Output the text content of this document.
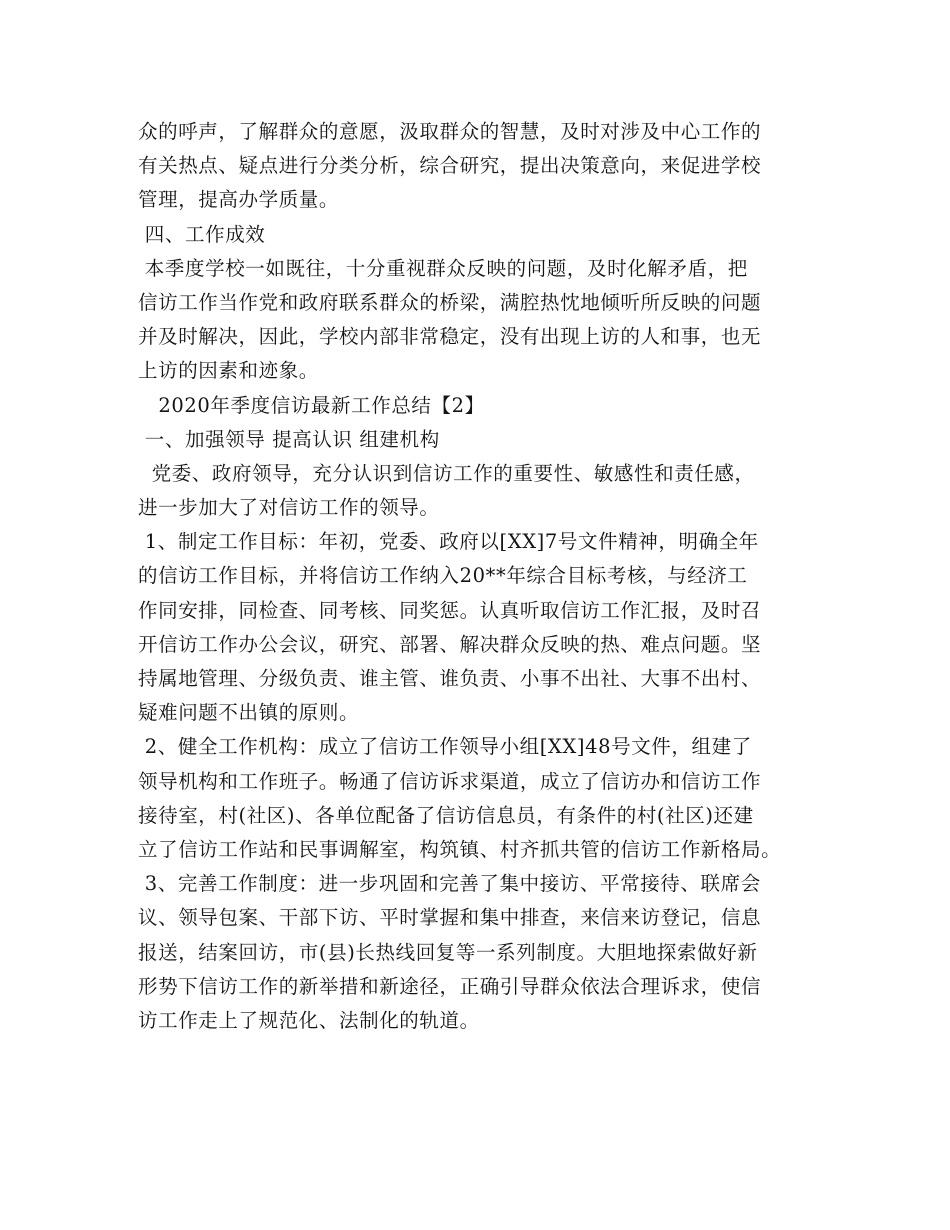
众的呼声，了解群众的意愿，汲取群众的智慧，及时对涉及中心工作的
有关热点、疑点进行分类分析，综合研究，提出决策意向，来促进学校
管理，提高办学质量。
四、工作成效
本季度学校一如既往，十分重视群众反映的问题，及时化解矛盾，把
信访工作当作党和政府联系群众的桥梁，满腔热忱地倾听所反映的问题
并及时解决，因此，学校内部非常稳定，没有出现上访的人和事，也无
上访的因素和迹象。
2020年季度信访最新工作总结【2】
一、加强领导 提高认识 组建机构
党委、政府领导，充分认识到信访工作的重要性、敏感性和责任感，
进一步加大了对信访工作的领导。
1、制定工作目标：年初，党委、政府以[XX]7号文件精神，明确全年
的信访工作目标，并将信访工作纳入20**年综合目标考核，与经济工
作同安排，同检查、同考核、同奖惩。认真听取信访工作汇报，及时召
开信访工作办公会议，研究、部署、解决群众反映的热、难点问题。坚
持属地管理、分级负责、谁主管、谁负责、小事不出社、大事不出村、
疑难问题不出镇的原则。
2、健全工作机构：成立了信访工作领导小组[XX]48号文件，组建了
领导机构和工作班子。畅通了信访诉求渠道，成立了信访办和信访工作
接待室，村(社区)、各单位配备了信访信息员，有条件的村(社区)还建
立了信访工作站和民事调解室，构筑镇、村齐抓共管的信访工作新格局。
3、完善工作制度：进一步巩固和完善了集中接访、平常接待、联席会
议、领导包案、干部下访、平时掌握和集中排查，来信来访登记，信息
报送，结案回访，市(县)长热线回复等一系列制度。大胆地探索做好新
形势下信访工作的新举措和新途径，正确引导群众依法合理诉求，使信
访工作走上了规范化、法制化的轨道。
